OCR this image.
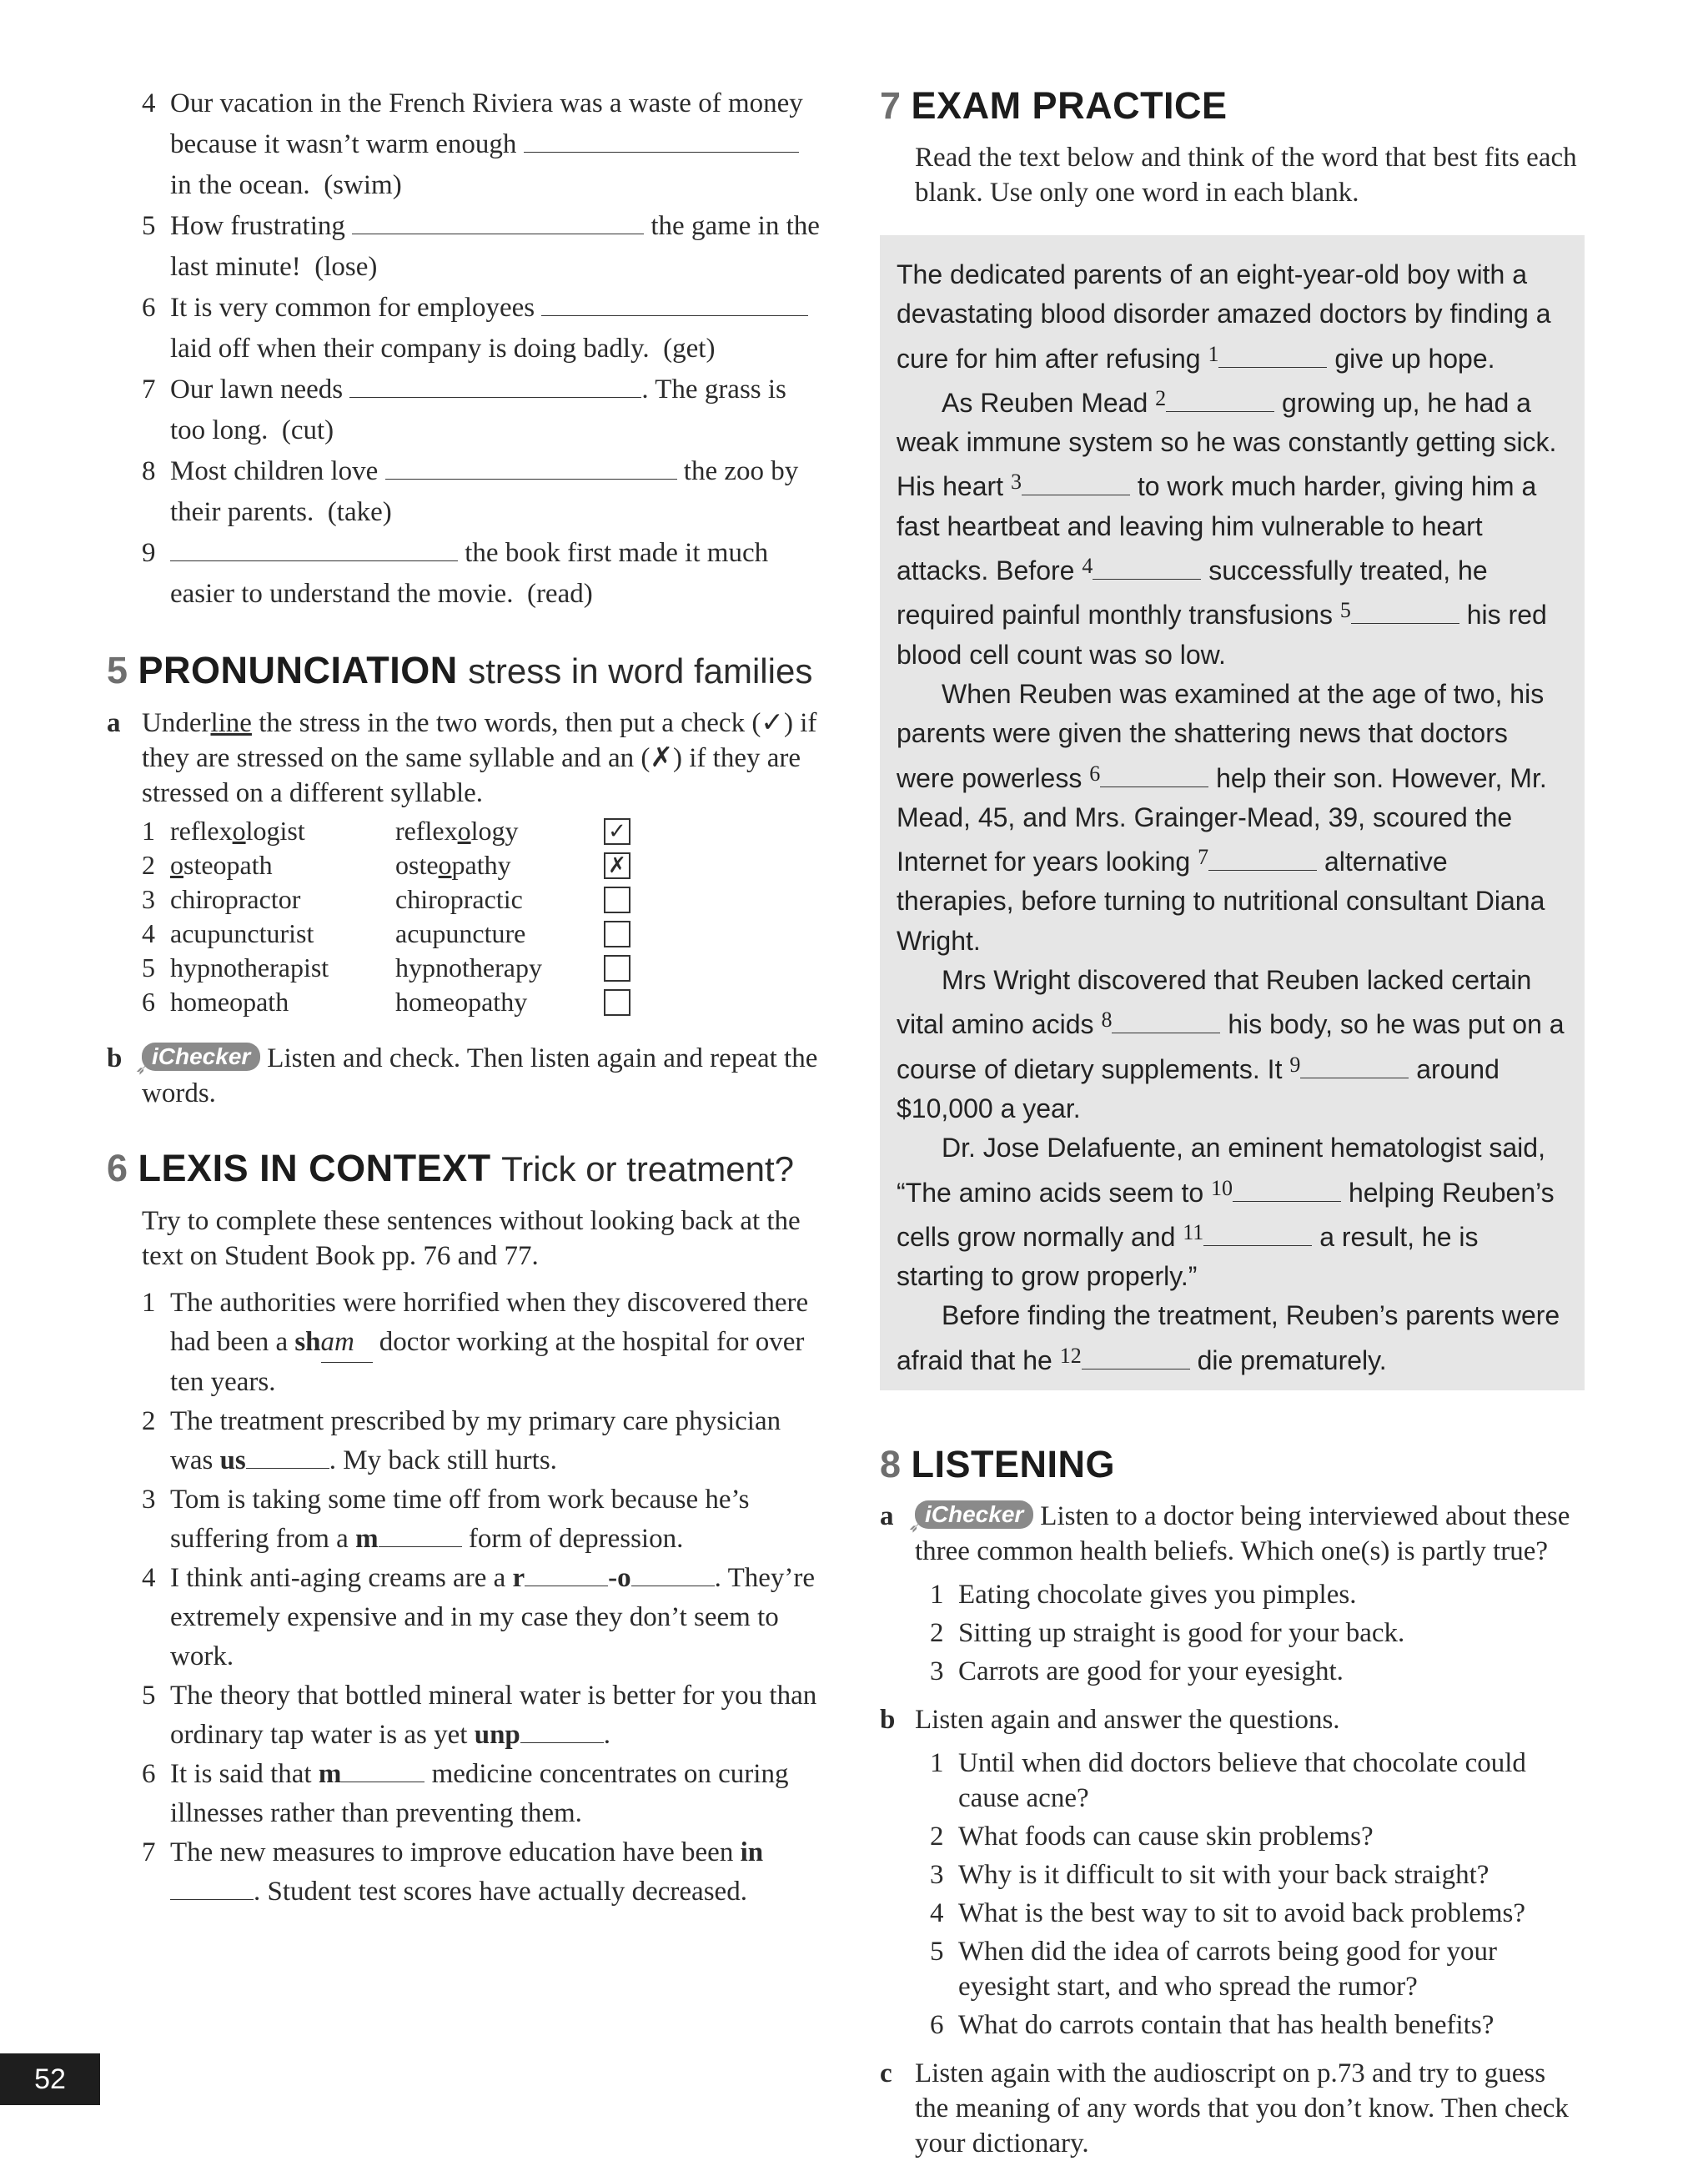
52
4 Our vacation in the French Riviera was a waste of money because it wasn’t warm enough  in the ocean. (swim)
5 How frustrating	the game in the last minute! (lose)
6 It is very common for employees  laid off when their company is doing badly. (get)
7 Our lawn needs	. The grass is too long. (cut)
8 Most children love	the zoo by their parents. (take)
9	the book first made it much easier to understand the movie. (read)
5 PRONUNCIATION stress in word families
a Underline the stress in the two words, then put a check (✓) if they are stressed on the same syllable and an (✗) if they are stressed on a different syllable.
1 reflexologist	reflexology	✓
2 osteopath	osteopathy	✗
3 chiropractor	chiropractic
4 acupuncturist	acupuncture
5 hypnotherapist	hypnotherapy
6 homeopath	homeopathy
b	iChecker
➶	Listen and check. Then listen again and repeat the words.
6 LEXIS IN CONTEXT Trick or treatment?
Try to complete these sentences without looking back at the text on Student Book pp. 76 and 77.
1 The authorities were horrified when they discovered there had been a sham doctor working at the hospital for over ten years.
2 The treatment prescribed by my primary care physician was us	. My back still hurts.
3 Tom is taking some time off from work because he’s suffering from a m	form of depression.
4 I think anti-aging creams are a r	-o	. They’re extremely expensive and in my case they don’t seem to work.
5 The theory that bottled mineral water is better for you than ordinary tap water is as yet unp	.
6 It is said that m	medicine concentrates on curing illnesses rather than preventing them.
7 The new measures to improve education have been in. Student test scores have actually decreased.
7 EXAM PRACTICE
Read the text below and think of the word that best fits each blank. Use only one word in each blank.

The dedicated parents of an eight-year-old boy with a devastating blood disorder amazed doctors by finding a cure for him after refusing $^1$	give up hope.

As Reuben Mead $^2$	growing up, he had a weak immune system so he was constantly getting sick. His heart $^3$	to work much harder, giving him a fast heartbeat and leaving him vulnerable to heart attacks. Before $^4$	successfully treated, he required painful monthly transfusions $^5$	his red blood cell count was so low.

When Reuben was examined at the age of two, his parents were given the shattering news that doctors were powerless $^6$	help their son. However, Mr. Mead, 45, and Mrs. Grainger-Mead, 39, scoured the Internet for years looking $^7$	alternative therapies, before turning to nutritional consultant Diana Wright.

Mrs Wright discovered that Reuben lacked certain vital amino acids $^8$	his body, so he was put on a course of dietary supplements. It $^9$	around $10,000 a year.

Dr. Jose Delafuente, an eminent hematologist said, “The amino acids seem to $^{10}$	helping Reuben’s cells grow normally and $^{11}$	a result, he is starting to grow properly.”

Before finding the treatment, Reuben’s parents were afraid that he $^{12}$	die prematurely.

8 LISTENING
a	iChecker
➶	Listen to a doctor being interviewed about these three common health beliefs. Which one(s) is partly true?
1 Eating chocolate gives you pimples.
2 Sitting up straight is good for your back.
3 Carrots are good for your eyesight.
b Listen again and answer the questions.
1 Until when did doctors believe that chocolate could cause acne?
2 What foods can cause skin problems?
3 Why is it difficult to sit with your back straight?
4 What is the best way to sit to avoid back problems?
5 When did the idea of carrots being good for your eyesight start, and who spread the rumor?
6 What do carrots contain that has health benefits?
c Listen again with the audioscript on p.73 and try to guess the meaning of any words that you don’t know. Then check your dictionary.
